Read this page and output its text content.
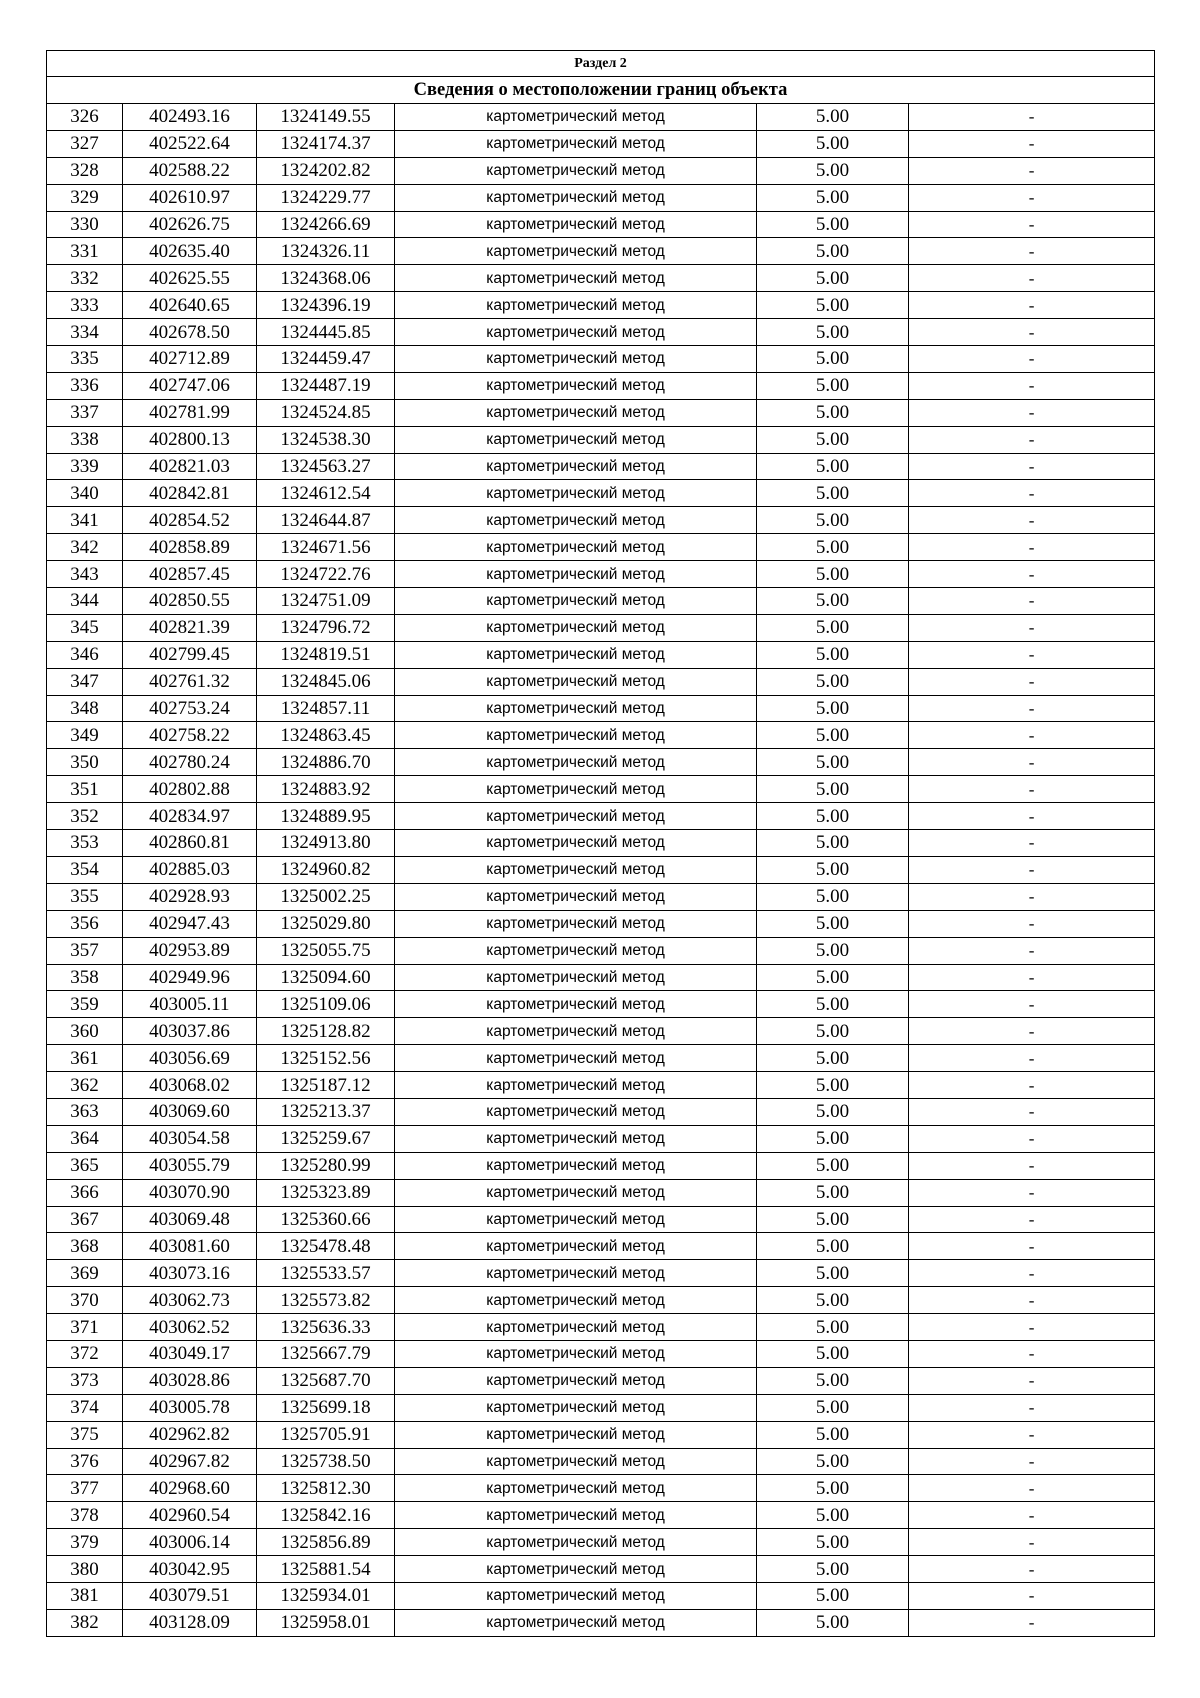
Раздел 2					
Сведения о местоположении границ объекта					
326	402493.16	1324149.55	картометрический метод	5.00	-
327	402522.64	1324174.37	картометрический метод	5.00	-
328	402588.22	1324202.82	картометрический метод	5.00	-
329	402610.97	1324229.77	картометрический метод	5.00	-
330	402626.75	1324266.69	картометрический метод	5.00	-
331	402635.40	1324326.11	картометрический метод	5.00	-
332	402625.55	1324368.06	картометрический метод	5.00	-
333	402640.65	1324396.19	картометрический метод	5.00	-
334	402678.50	1324445.85	картометрический метод	5.00	-
335	402712.89	1324459.47	картометрический метод	5.00	-
336	402747.06	1324487.19	картометрический метод	5.00	-
337	402781.99	1324524.85	картометрический метод	5.00	-
338	402800.13	1324538.30	картометрический метод	5.00	-
339	402821.03	1324563.27	картометрический метод	5.00	-
340	402842.81	1324612.54	картометрический метод	5.00	-
341	402854.52	1324644.87	картометрический метод	5.00	-
342	402858.89	1324671.56	картометрический метод	5.00	-
343	402857.45	1324722.76	картометрический метод	5.00	-
344	402850.55	1324751.09	картометрический метод	5.00	-
345	402821.39	1324796.72	картометрический метод	5.00	-
346	402799.45	1324819.51	картометрический метод	5.00	-
347	402761.32	1324845.06	картометрический метод	5.00	-
348	402753.24	1324857.11	картометрический метод	5.00	-
349	402758.22	1324863.45	картометрический метод	5.00	-
350	402780.24	1324886.70	картометрический метод	5.00	-
351	402802.88	1324883.92	картометрический метод	5.00	-
352	402834.97	1324889.95	картометрический метод	5.00	-
353	402860.81	1324913.80	картометрический метод	5.00	-
354	402885.03	1324960.82	картометрический метод	5.00	-
355	402928.93	1325002.25	картометрический метод	5.00	-
356	402947.43	1325029.80	картометрический метод	5.00	-
357	402953.89	1325055.75	картометрический метод	5.00	-
358	402949.96	1325094.60	картометрический метод	5.00	-
359	403005.11	1325109.06	картометрический метод	5.00	-
360	403037.86	1325128.82	картометрический метод	5.00	-
361	403056.69	1325152.56	картометрический метод	5.00	-
362	403068.02	1325187.12	картометрический метод	5.00	-
363	403069.60	1325213.37	картометрический метод	5.00	-
364	403054.58	1325259.67	картометрический метод	5.00	-
365	403055.79	1325280.99	картометрический метод	5.00	-
366	403070.90	1325323.89	картометрический метод	5.00	-
367	403069.48	1325360.66	картометрический метод	5.00	-
368	403081.60	1325478.48	картометрический метод	5.00	-
369	403073.16	1325533.57	картометрический метод	5.00	-
370	403062.73	1325573.82	картометрический метод	5.00	-
371	403062.52	1325636.33	картометрический метод	5.00	-
372	403049.17	1325667.79	картометрический метод	5.00	-
373	403028.86	1325687.70	картометрический метод	5.00	-
374	403005.78	1325699.18	картометрический метод	5.00	-
375	402962.82	1325705.91	картометрический метод	5.00	-
376	402967.82	1325738.50	картометрический метод	5.00	-
377	402968.60	1325812.30	картометрический метод	5.00	-
378	402960.54	1325842.16	картометрический метод	5.00	-
379	403006.14	1325856.89	картометрический метод	5.00	-
380	403042.95	1325881.54	картометрический метод	5.00	-
381	403079.51	1325934.01	картометрический метод	5.00	-
382	403128.09	1325958.01	картометрический метод	5.00	-
